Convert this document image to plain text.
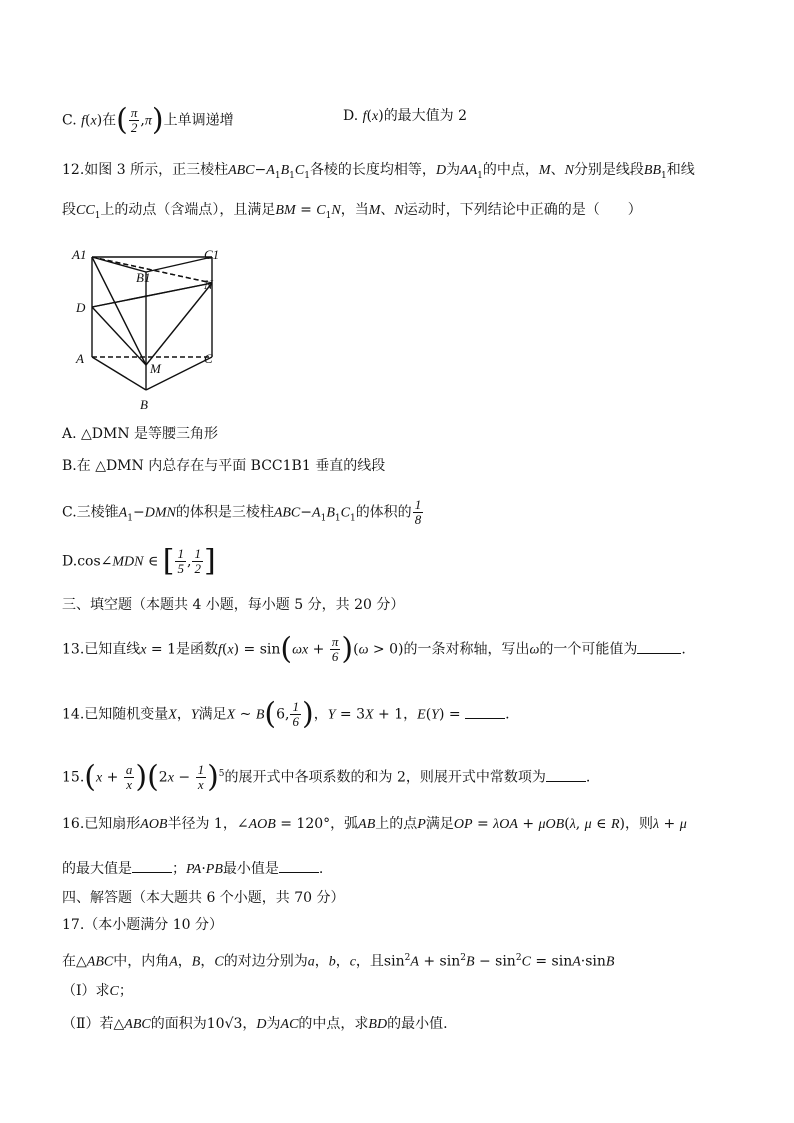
C. f(x)在( $\frac{\pi}{2} ,\pi$)上单调递增	D. f(x)的最大值为 2
12.如图 3 所示，正三棱柱$ABC-A_1B_1C_1$各棱的长度均相等，D为$AA_1$的中点，M、N分别是线段$BB_1$和线
段$CC_1$上的动点（含端点），且满足BM = $C_1N$，当M、N运动时，下列结论中正确的是（　　）
A1
B1
C1
N
D
A
M
C
B
A. △DMN 是等腰三角形
B.在 △DMN 内总存在与平面 BCC1B1 垂直的线段
C.三棱锥$A_1-DMN$的体积是三棱柱$ABC-A_1B_1C_1$的体积的 $\frac{1}{8}$
D.cos∠MDN ∈ [ $\frac{1}{5}$ , $\frac{1}{2}$ ]
三、填空题（本题共 4 小题，每小题 5 分，共 20 分）
13.已知直线x = 1是函数$f(x) = \sin(\omega x + \frac{\pi}{6} )(\omega > 0)$的一条对称轴，写出ω的一个可能值为	.
14.已知随机变量X，Y满足X ~ B(6, $\frac{1}{6}$ )，Y = 3X + 1，E(Y) =	.
$15.(x + \frac{a}{x} )(2x - \frac{1}{x} )^5$的展开式中各项系数的和为 2，则展开式中常数项为	.
16.已知扇形AOB半径为 1，∠AOB = 120°，弧AB上的点P满足OP = λOA + μOB(λ, μ ∈ R)，则λ + μ
的最大值是	；PA·PB最小值是	.
四、解答题（本大题共 6 个小题，共 70 分）
17.（本小题满分 10 分）
在△ABC中，内角A，B，C的对边分别为a，b，c，且$\sin^2A + \sin^2B - \sin^2C = \sin A\cdot\sin B$
（Ⅰ）求C；
（Ⅱ）若△ABC的面积为10√3，D为AC的中点，求BD的最小值.
